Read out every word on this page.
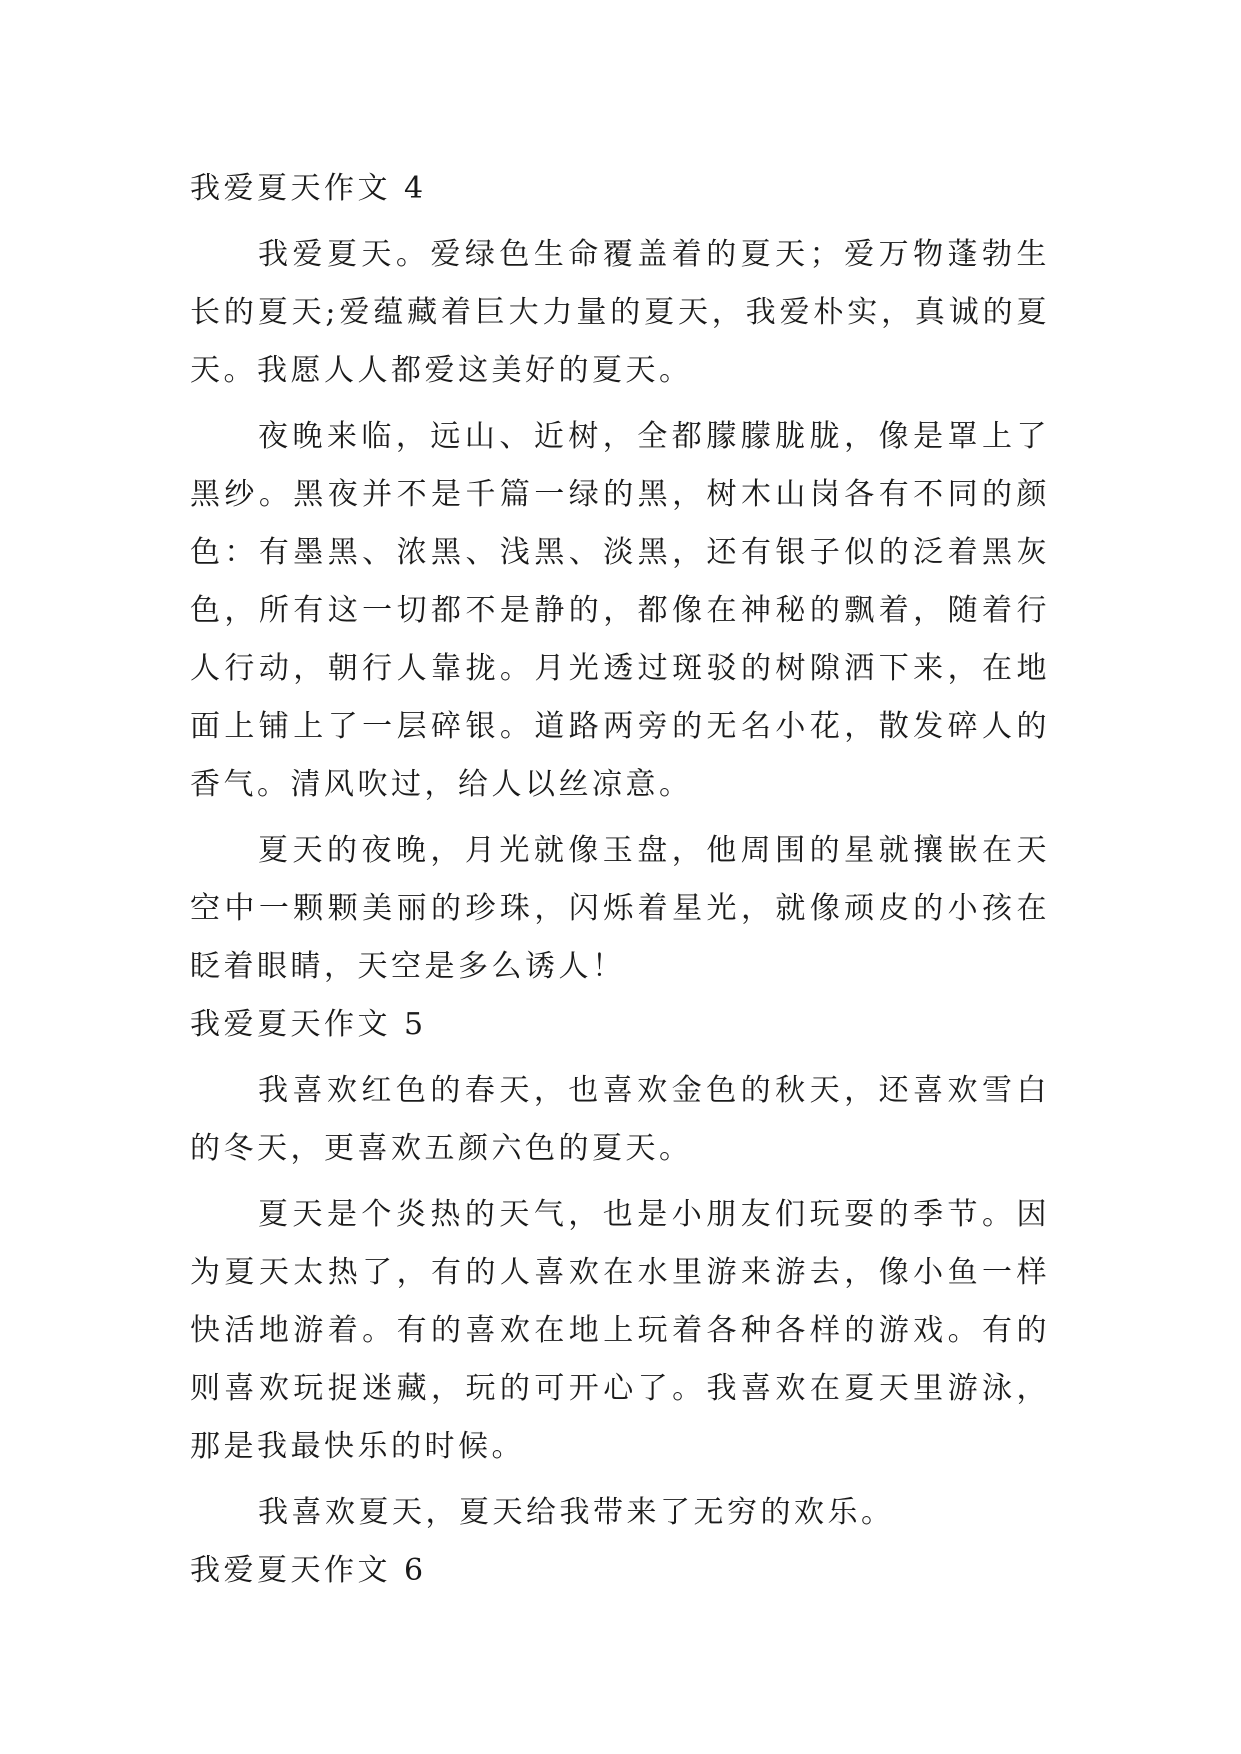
我爱夏天作文 4

我爱夏天。爱绿色生命覆盖着的夏天；爱万物蓬勃生长的夏天;爱蕴藏着巨大力量的夏天，我爱朴实，真诚的夏天。我愿人人都爱这美好的夏天。

夜晚来临，远山、近树，全都朦朦胧胧，像是罩上了黑纱。黑夜并不是千篇一绿的黑，树木山岗各有不同的颜色：有墨黑、浓黑、浅黑、淡黑，还有银子似的泛着黑灰色，所有这一切都不是静的，都像在神秘的飘着，随着行人行动，朝行人靠拢。月光透过斑驳的树隙洒下来，在地面上铺上了一层碎银。道路两旁的无名小花，散发碎人的香气。清风吹过，给人以丝凉意。

夏天的夜晚，月光就像玉盘，他周围的星就攘嵌在天空中一颗颗美丽的珍珠，闪烁着星光，就像顽皮的小孩在眨着眼睛，天空是多么诱人！

我爱夏天作文 5

我喜欢红色的春天，也喜欢金色的秋天，还喜欢雪白的冬天，更喜欢五颜六色的夏天。

夏天是个炎热的天气，也是小朋友们玩耍的季节。因为夏天太热了，有的人喜欢在水里游来游去，像小鱼一样快活地游着。有的喜欢在地上玩着各种各样的游戏。有的则喜欢玩捉迷藏，玩的可开心了。我喜欢在夏天里游泳，那是我最快乐的时候。

我喜欢夏天，夏天给我带来了无穷的欢乐。

我爱夏天作文 6
